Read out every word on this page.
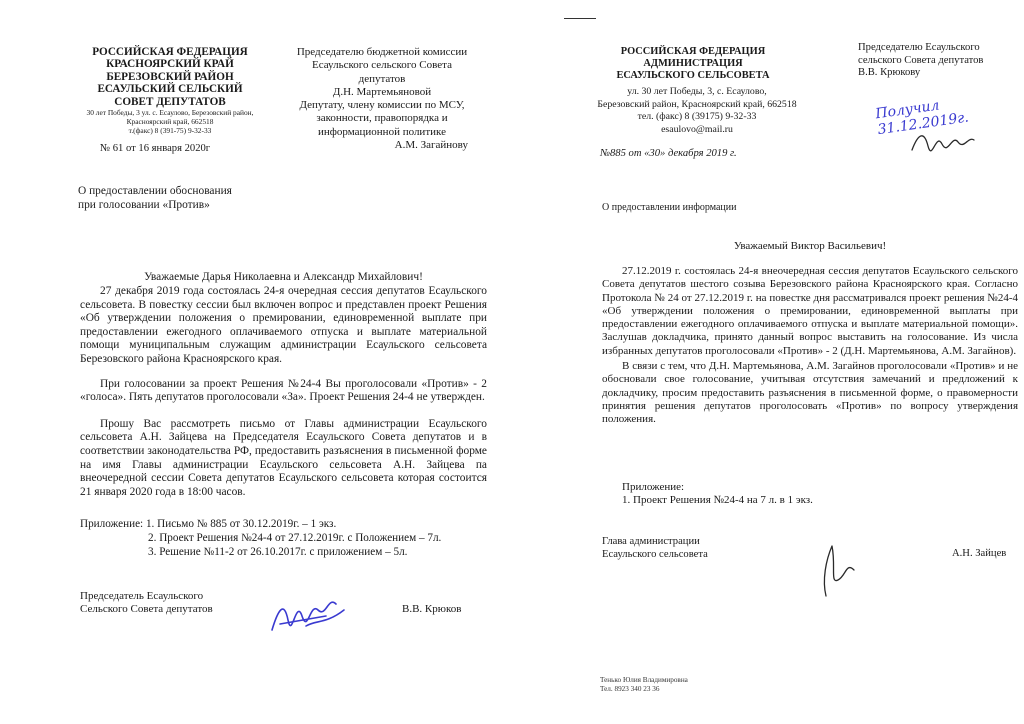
РОССИЙСКАЯ ФЕДЕРАЦИЯ
КРАСНОЯРСКИЙ КРАЙ
БЕРЕЗОВСКИЙ РАЙОН
ЕСАУЛЬСКИЙ СЕЛЬСКИЙ
СОВЕТ ДЕПУТАТОВ
30 лет Победы, 3 ул. с. Есаулово, Березовский район,
Красноярский край, 662518
т.(факс) 8 (391-75) 9-32-33
№ 61 от 16 января 2020г
Председателю бюджетной комиссии
Есаульского сельского Совета
депутатов
Д.Н. Мартемьяновой
Депутату, члену комиссии по МСУ,
законности, правопорядка и
информационной политике
А.М. Загайнову
О предоставлении обоснования
при голосовании «Против»
Уважаемые Дарья Николаевна и Александр Михайлович!

27 декабря 2019 года состоялась 24-я очередная сессия депутатов Есаульского сельсовета. В повестку сессии был включен вопрос и представлен проект Решения «Об утверждении положения о премировании, единовременной выплате при предоставлении ежегодного оплачиваемого отпуска и выплате материальной помощи муниципальным служащим администрации Есаульского сельсовета Березовского района Красноярского края.

При голосовании за проект Решения №24-4 Вы проголосовали «Против» - 2 «голоса». Пять депутатов проголосовали «За». Проект Решения 24-4 не утвержден.

Прошу Вас рассмотреть письмо от Главы администрации Есаульского сельсовета А.Н. Зайцева на Председателя Есаульского Совета депутатов и в соответствии законодательства РФ, предоставить разъяснения в письменной форме на имя Главы администрации Есаульского сельсовета А.Н. Зайцева па внеочередной сессии Совета депутатов Есаульского сельсовета которая состоится 21 января 2020 года в 18:00 часов.

Приложение: 1. Письмо № 885 от 30.12.2019г. – 1 экз.
2. Проект Решения №24-4 от 27.12.2019г. с Положением – 7л.
3. Решение №11-2 от 26.10.2017г. с приложением – 5л.
Председатель Есаульского
Сельского Совета депутатов	В.В. Крюков
РОССИЙСКАЯ ФЕДЕРАЦИЯ
АДМИНИСТРАЦИЯ
ЕСАУЛЬСКОГО СЕЛЬСОВЕТА
ул. 30 лет Победы, 3, с. Есаулово,
Березовский район, Красноярский край, 662518
тел. (факс) 8 (39175) 9-32-33
esaulovo@mail.ru
№885 от «30» декабря 2019 г.
Председателю Есаульского
сельского Совета депутатов
В.В. Крюкову
Получил 31.12.2019г.
О предоставлении информации
Уважаемый Виктор Васильевич!

27.12.2019 г. состоялась 24-я внеочередная сессия депутатов Есаульского сельского Совета депутатов шестого созыва Березовского района Красноярского края. Согласно Протокола № 24 от 27.12.2019 г. на повестке дня рассматривался проект решения №24-4 «Об утверждении положения о премировании, единовременной выплаты при предоставлении ежегодного оплачиваемого отпуска и выплате материальной помощи». Заслушав докладчика, принято данный вопрос выставить на голосование. Из числа избранных депутатов проголосовали «Против» - 2 (Д.Н. Мартемьянова, А.М. Загайнов).

В связи с тем, что Д.Н. Мартемьянова, А.М. Загайнов проголосовали «Против» и не обосновали свое голосование, учитывая отсутствия замечаний и предложений к докладчику, просим предоставить разъяснения в письменной форме, о правомерности принятия решения депутатов проголосовать «Против» по вопросу утверждения положения.

Приложение:
1. Проект Решения №24-4 на 7 л. в 1 экз.
Глава администрации
Есаульского сельсовета	А.Н. Зайцев
Тенько Юлия Владимировна
Тел. 8923 340 23 36
